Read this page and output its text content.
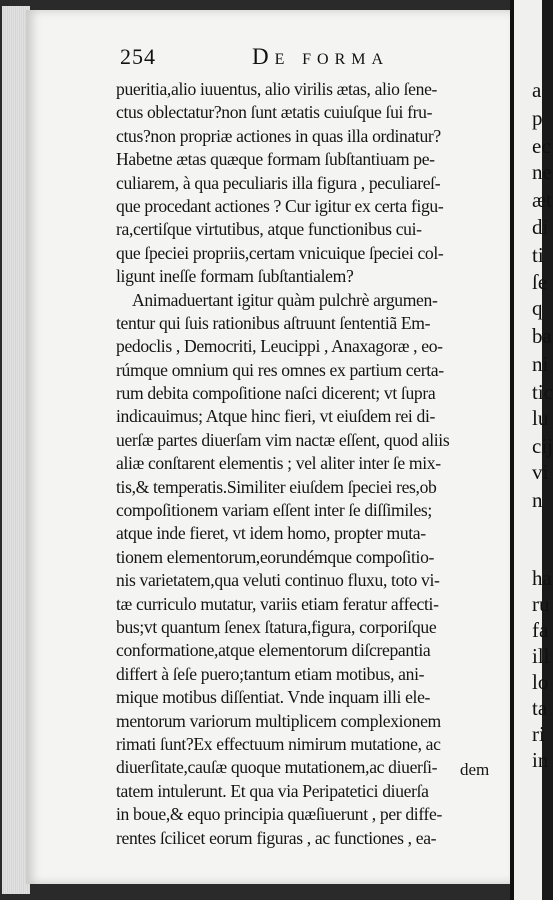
254	De forma
pueritia,alio iuuentus, alio virilis ætas, alio ſene-
ctus oblectatur?non ſunt ætatis cuiuſque ſui fru-
ctus?non propriæ actiones in quas illa ordinatur?
Habetne ætas quæque formam ſubſtantiuam pe-
culiarem, à qua peculiaris illa figura , peculiareſ-
que procedant actiones ? Cur igitur ex certa figu-
ra,certiſque virtutibus, atque functionibus cui-
que ſpeciei propriis,certam vnicuique ſpeciei col-
ligunt ineſſe formam ſubſtantialem?
Animaduertant igitur quàm pulchrè argumen-
tentur qui ſuis rationibus aſtruunt ſententiã Em-
pedoclis , Democriti, Leucippi , Anaxagoræ , eo-
rúmque omnium qui res omnes ex partium certa-
rum debita compoſitione naſci dicerent; vt ſupra
indicauimus; Atque hinc fieri, vt eiuſdem rei di-
uerſæ partes diuerſam vim nactæ eſſent, quod aliis
aliæ conſtarent elementis ; vel aliter inter ſe mix-
tis,& temperatis.Similiter eiuſdem ſpeciei res,ob
compoſitionem variam eſſent inter ſe diſſimiles;
atque inde fieret, vt idem homo, propter muta-
tionem elementorum,eorundémque compoſitio-
nis varietatem,qua veluti continuo fluxu, toto vi-
tæ curriculo mutatur, variis etiam feratur affecti-
bus;vt quantum ſenex ſtatura,figura, corporiſque
conformatione,atque elementorum diſcrepantia
differt à ſeſe puero;tantum etiam motibus, ani-
mique motibus diſſentiat. Vnde inquam illi ele-
mentorum variorum multiplicem complexionem
rimati ſunt?Ex effectuum nimirum mutatione, ac
diuerſitate,cauſæ quoque mutationem,ac diuerſi-
tatem intulerunt. Et qua via Peripatetici diuerſa
in boue,& equo principia quæſiuerunt , per diffe-
rentes ſcilicet eorum figuras , ac functiones , ea-
dem
a
p
ec
ne
æt
di
ti
ſe
q
ba
ni
tic
lu
cij
vi
n
ha
ru
fa
ill
lo
ta
ri
in
